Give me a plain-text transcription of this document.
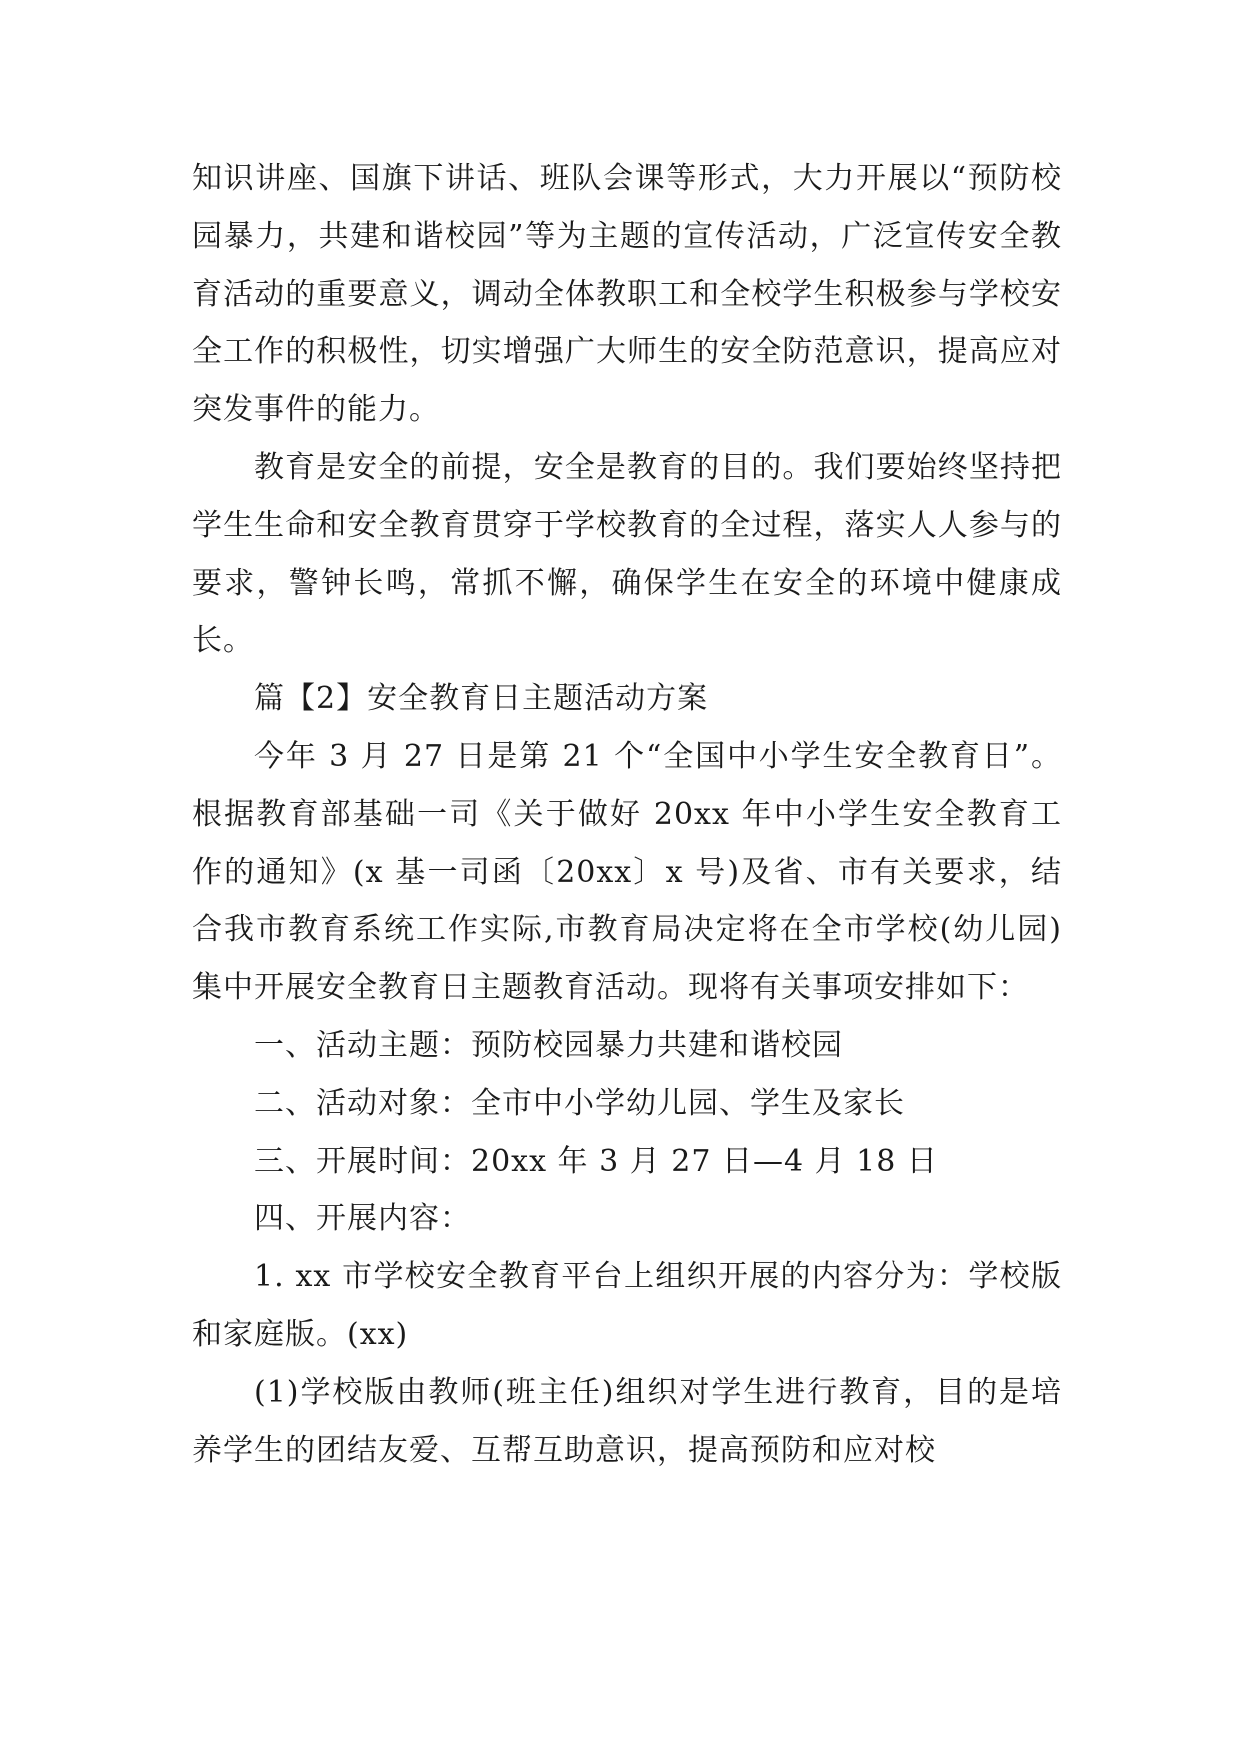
知识讲座、国旗下讲话、班队会课等形式，大力开展以“预防校园暴力，共建和谐校园”等为主题的宣传活动，广泛宣传安全教育活动的重要意义，调动全体教职工和全校学生积极参与学校安全工作的积极性，切实增强广大师生的安全防范意识，提高应对突发事件的能力。

教育是安全的前提，安全是教育的目的。我们要始终坚持把学生生命和安全教育贯穿于学校教育的全过程，落实人人参与的要求，警钟长鸣，常抓不懈，确保学生在安全的环境中健康成长。

篇【2】安全教育日主题活动方案

今年 3 月 27 日是第 21 个“全国中小学生安全教育日”。根据教育部基础一司《关于做好 20xx 年中小学生安全教育工作的通知》(x 基一司函〔20xx〕x 号)及省、市有关要求，结合我市教育系统工作实际,市教育局决定将在全市学校(幼儿园)集中开展安全教育日主题教育活动。现将有关事项安排如下：

一、活动主题：预防校园暴力共建和谐校园

二、活动对象：全市中小学幼儿园、学生及家长

三、开展时间：20xx 年 3 月 27 日—4 月 18 日

四、开展内容：

1. xx 市学校安全教育平台上组织开展的内容分为：学校版和家庭版。(xx)

(1)学校版由教师(班主任)组织对学生进行教育，目的是培养学生的团结友爱、互帮互助意识，提高预防和应对校
